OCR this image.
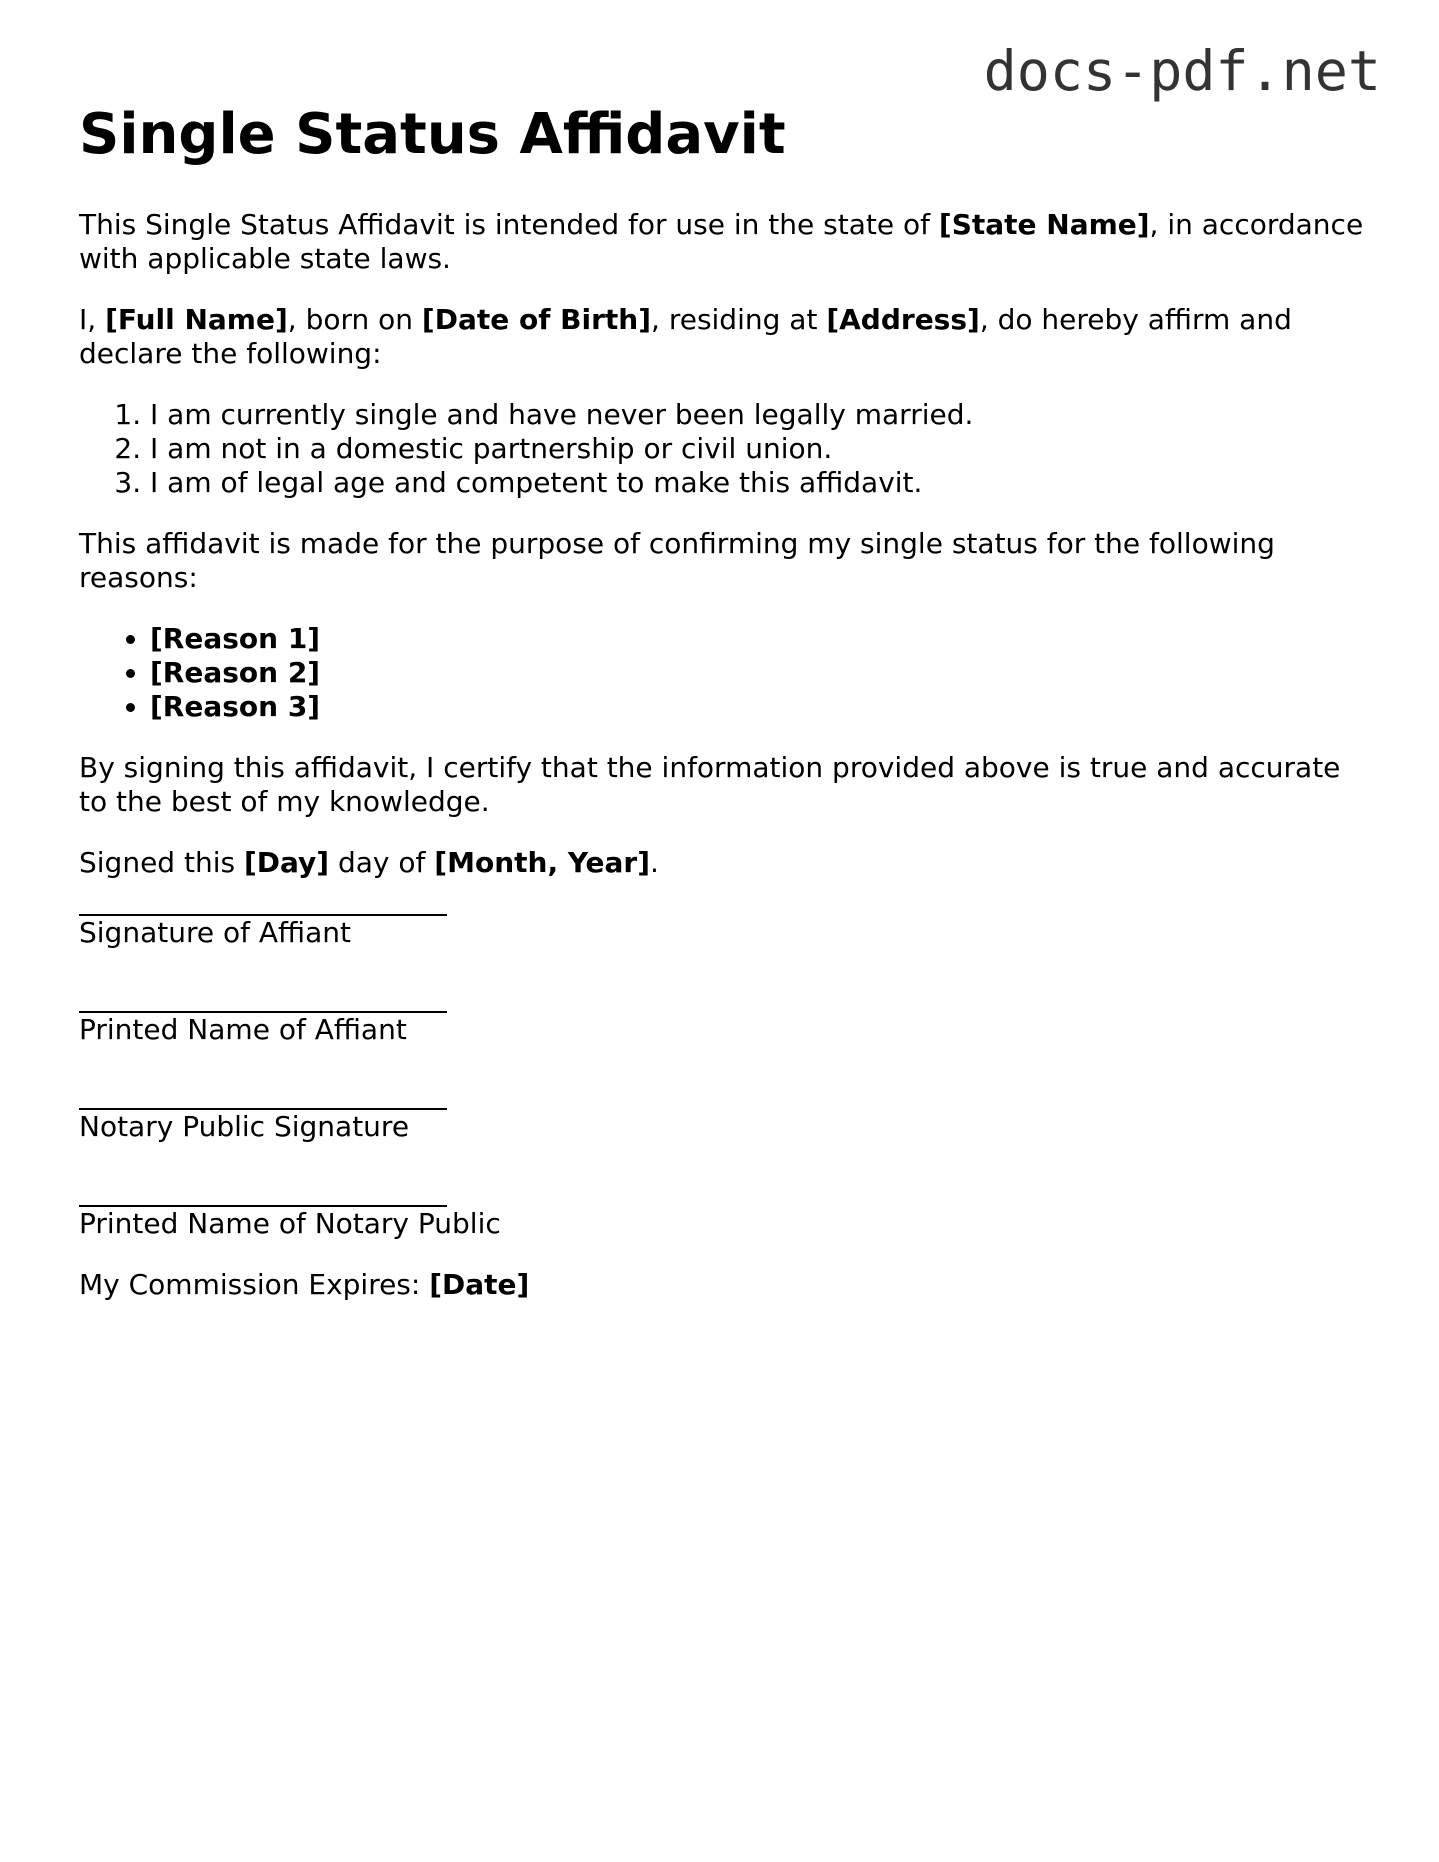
docs-pdf.net
Single Status Affidavit

This Single Status Affidavit is intended for use in the state of [State Name], in accordance with applicable state laws.

I, [Full Name], born on [Date of Birth], residing at [Address], do hereby affirm and declare the following:

1. I am currently single and have never been legally married.
2. I am not in a domestic partnership or civil union.
3. I am of legal age and competent to make this affidavit.

This affidavit is made for the purpose of confirming my single status for the following reasons:

• [Reason 1]
• [Reason 2]
• [Reason 3]

By signing this affidavit, I certify that the information provided above is true and accurate to the best of my knowledge.

Signed this [Day] day of [Month, Year].

Signature of Affiant
Printed Name of Affiant
Notary Public Signature
Printed Name of Notary Public

My Commission Expires: [Date]
